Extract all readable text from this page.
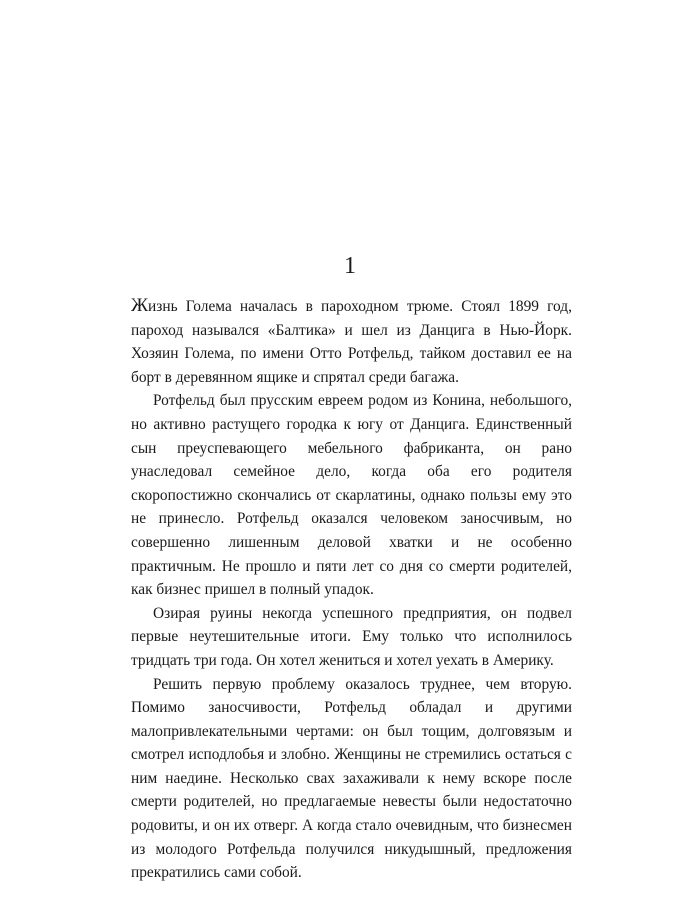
1

Жизнь Голема началась в пароходном трюме. Стоял 1899 год, пароход назывался «Балтика» и шел из Данцига в Нью-Йорк. Хозяин Голема, по имени Отто Ротфельд, тайком доставил ее на борт в деревянном ящике и спрятал среди багажа.

Ротфельд был прусским евреем родом из Конина, небольшого, но активно растущего городка к югу от Данцига. Единственный сын преуспевающего мебельного фабриканта, он рано унаследовал семейное дело, когда оба его родителя скоропостижно скончались от скарлатины, однако пользы ему это не принесло. Ротфельд оказался человеком заносчивым, но совершенно лишенным деловой хватки и не особенно практичным. Не прошло и пяти лет со дня со смерти родителей, как бизнес пришел в полный упадок.

Озирая руины некогда успешного предприятия, он подвел первые неутешительные итоги. Ему только что исполнилось тридцать три года. Он хотел жениться и хотел уехать в Америку.

Решить первую проблему оказалось труднее, чем вторую. Помимо заносчивости, Ротфельд обладал и другими малопривлекательными чертами: он был тощим, долговязым и смотрел исподлобья и злобно. Женщины не стремились остаться с ним наедине. Несколько свах захаживали к нему вскоре после смерти родителей, но предлагаемые невесты были недостаточно родовиты, и он их отверг. А когда стало очевидным, что бизнесмен из молодого Ротфельда получился никудышный, предложения прекратились сами собой.
